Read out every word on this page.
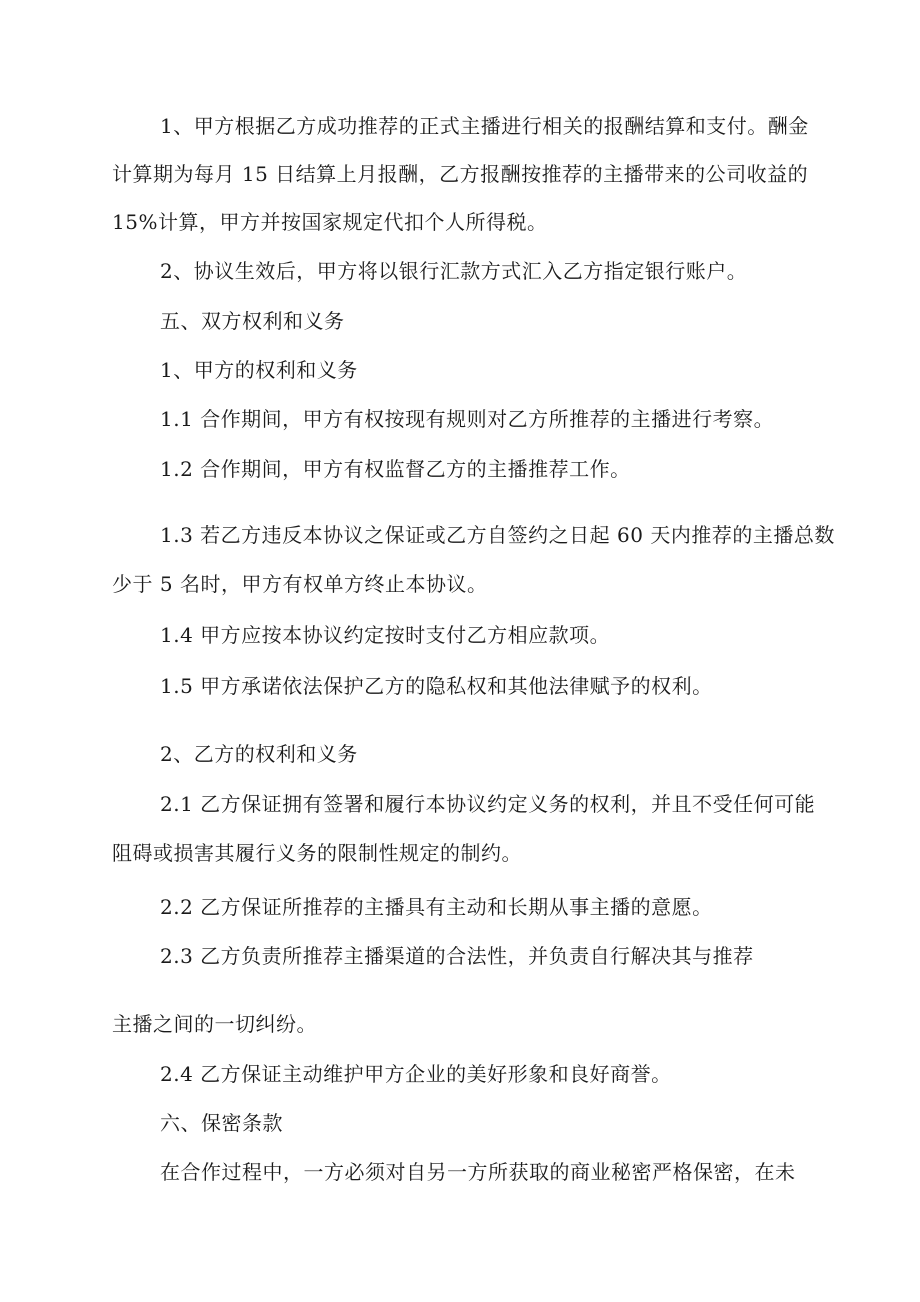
1、甲方根据乙方成功推荐的正式主播进行相关的报酬结算和支付。酬金
计算期为每月 15 日结算上月报酬，乙方报酬按推荐的主播带来的公司收益的
15%计算，甲方并按国家规定代扣个人所得税。
2、协议生效后，甲方将以银行汇款方式汇入乙方指定银行账户。
五、双方权利和义务
1、甲方的权利和义务
1.1 合作期间，甲方有权按现有规则对乙方所推荐的主播进行考察。
1.2 合作期间，甲方有权监督乙方的主播推荐工作。
1.3 若乙方违反本协议之保证或乙方自签约之日起 60 天内推荐的主播总数
少于 5 名时，甲方有权单方终止本协议。
1.4 甲方应按本协议约定按时支付乙方相应款项。
1.5 甲方承诺依法保护乙方的隐私权和其他法律赋予的权利。
2、乙方的权利和义务
2.1 乙方保证拥有签署和履行本协议约定义务的权利，并且不受任何可能
阻碍或损害其履行义务的限制性规定的制约。
2.2 乙方保证所推荐的主播具有主动和长期从事主播的意愿。
2.3 乙方负责所推荐主播渠道的合法性，并负责自行解决其与推荐
主播之间的一切纠纷。
2.4 乙方保证主动维护甲方企业的美好形象和良好商誉。
六、保密条款
在合作过程中，一方必须对自另一方所获取的商业秘密严格保密，在未
